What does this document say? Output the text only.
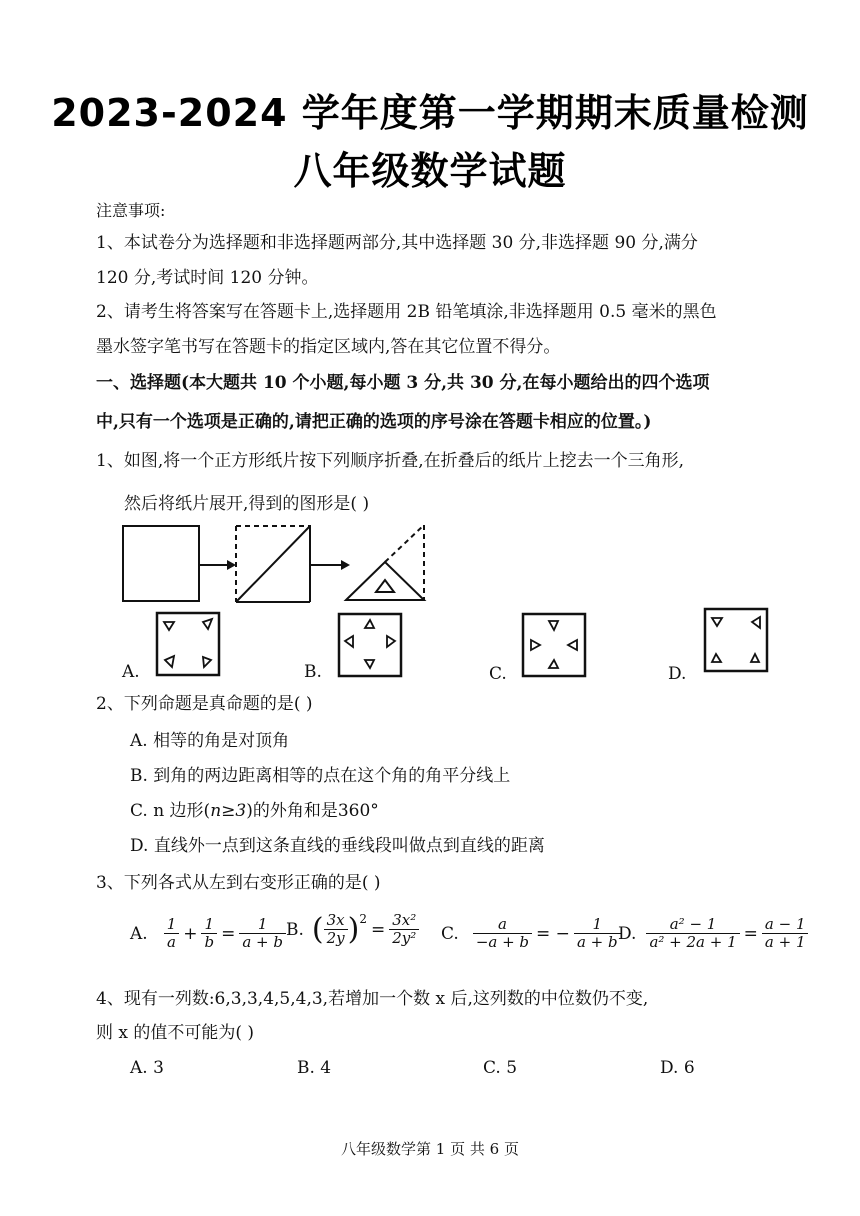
2023-2024 学年度第一学期期末质量检测
八年级数学试题
注意事项:
1、本试卷分为选择题和非选择题两部分,其中选择题 30 分,非选择题 90 分,满分
120 分,考试时间 120 分钟。
2、请考生将答案写在答题卡上,选择题用 2B 铅笔填涂,非选择题用 0.5 毫米的黑色
墨水签字笔书写在答题卡的指定区域内,答在其它位置不得分。
一、选择题(本大题共 10 个小题,每小题 3 分,共 30 分,在每小题给出的四个选项
中,只有一个选项是正确的,请把正确的选项的序号涂在答题卡相应的位置。)
1、如图,将一个正方形纸片按下列顺序折叠,在折叠后的纸片上挖去一个三角形,
然后将纸片展开,得到的图形是( )
A.	B.	C.	D.
2、下列命题是真命题的是( )
A. 相等的角是对顶角
B. 到角的两边距离相等的点在这个角的角平分线上
C. n 边形(n≥3)的外角和是360°
D. 直线外一点到这条直线的垂线段叫做点到直线的距离
3、下列各式从左到右变形正确的是( )
A. $\frac{1}{a} + \frac{1}{b} = \frac{1}{a + b} B$. ( $\frac{3x}{2y} )^2$
= $\frac{\text{3x²}}{\text{2y²}} C$. $\frac{a}{-a + b}$ = − $\frac{1}{a + b}$
D. $\frac{\text{a² − 1}}{\text{a² + 2a + 1}} = \frac{a - 1}{a + 1}$
4、现有一列数:6,3,3,4,5,4,3,若增加一个数 x 后,这列数的中位数仍不变,
则 x 的值不可能为( )
A. 3	B. 4	C. 5	D. 6
八年级数学第 1 页 共 6 页
